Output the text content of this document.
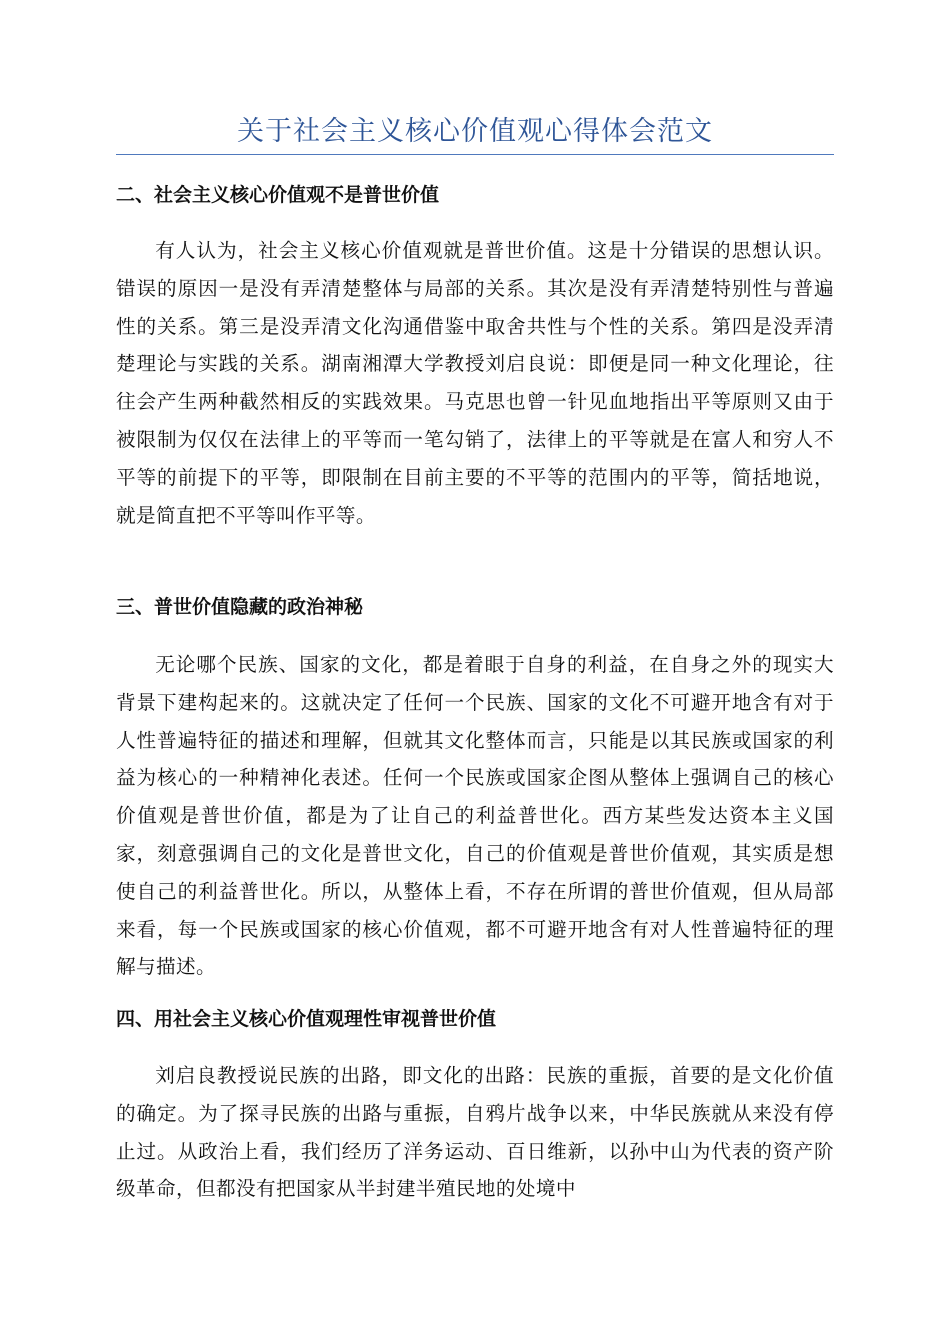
关于社会主义核心价值观心得体会范文

二、社会主义核心价值观不是普世价值

有人认为，社会主义核心价值观就是普世价值。这是十分错误的思想认识。错误的原因一是没有弄清楚整体与局部的关系。其次是没有弄清楚特别性与普遍性的关系。第三是没弄清文化沟通借鉴中取舍共性与个性的关系。第四是没弄清楚理论与实践的关系。湖南湘潭大学教授刘启良说：即便是同一种文化理论，往往会产生两种截然相反的实践效果。马克思也曾一针见血地指出平等原则又由于被限制为仅仅在法律上的平等而一笔勾销了，法律上的平等就是在富人和穷人不平等的前提下的平等，即限制在目前主要的不平等的范围内的平等，简括地说，就是简直把不平等叫作平等。

三、普世价值隐藏的政治神秘

无论哪个民族、国家的文化，都是着眼于自身的利益，在自身之外的现实大背景下建构起来的。这就决定了任何一个民族、国家的文化不可避开地含有对于人性普遍特征的描述和理解，但就其文化整体而言，只能是以其民族或国家的利益为核心的一种精神化表述。任何一个民族或国家企图从整体上强调自己的核心价值观是普世价值，都是为了让自己的利益普世化。西方某些发达资本主义国家，刻意强调自己的文化是普世文化，自己的价值观是普世价值观，其实质是想使自己的利益普世化。所以，从整体上看，不存在所谓的普世价值观，但从局部来看，每一个民族或国家的核心价值观，都不可避开地含有对人性普遍特征的理解与描述。

四、用社会主义核心价值观理性审视普世价值

刘启良教授说民族的出路，即文化的出路：民族的重振，首要的是文化价值的确定。为了探寻民族的出路与重振，自鸦片战争以来，中华民族就从来没有停止过。从政治上看，我们经历了洋务运动、百日维新，以孙中山为代表的资产阶级革命，但都没有把国家从半封建半殖民地的处境中
